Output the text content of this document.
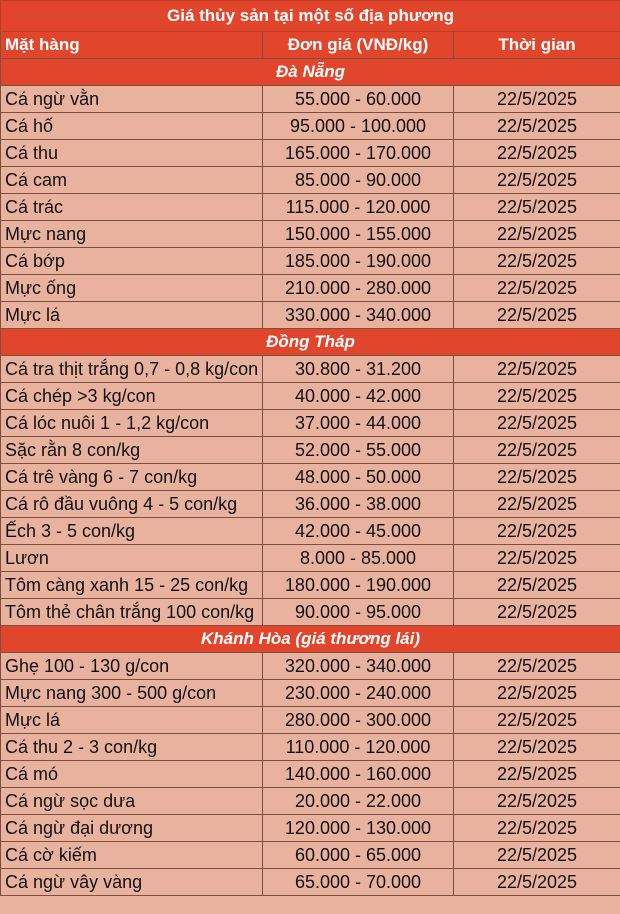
Giá thủy sản tại một số địa phương		
Mặt hàng	Đơn giá (VNĐ/kg)	Thời gian
Đà Nẵng		
Cá ngừ vằn	55.000 - 60.000	22/5/2025
Cá hố	95.000 - 100.000	22/5/2025
Cá thu	165.000 - 170.000	22/5/2025
Cá cam	85.000 - 90.000	22/5/2025
Cá trác	115.000 - 120.000	22/5/2025
Mực nang	150.000 - 155.000	22/5/2025
Cá bớp	185.000 - 190.000	22/5/2025
Mực ống	210.000 - 280.000	22/5/2025
Mực lá	330.000 - 340.000	22/5/2025
Đồng Tháp		
Cá tra thịt trắng 0,7 - 0,8 kg/con	30.800 - 31.200	22/5/2025
Cá chép >3 kg/con	40.000 - 42.000	22/5/2025
Cá lóc nuôi 1 - 1,2 kg/con	37.000 - 44.000	22/5/2025
Sặc rằn 8 con/kg	52.000 - 55.000	22/5/2025
Cá trê vàng 6 - 7 con/kg	48.000 - 50.000	22/5/2025
Cá rô đầu vuông 4 - 5 con/kg	36.000 - 38.000	22/5/2025
Ếch 3 - 5 con/kg	42.000 - 45.000	22/5/2025
Lươn	8.000 - 85.000	22/5/2025
Tôm càng xanh 15 - 25 con/kg	180.000 - 190.000	22/5/2025
Tôm thẻ chân trắng 100 con/kg	90.000 - 95.000	22/5/2025
Khánh Hòa (giá thương lái)		
Ghẹ 100 - 130 g/con	320.000 - 340.000	22/5/2025
Mực nang 300 - 500 g/con	230.000 - 240.000	22/5/2025
Mực lá	280.000 - 300.000	22/5/2025
Cá thu 2 - 3 con/kg	110.000 - 120.000	22/5/2025
Cá mó	140.000 - 160.000	22/5/2025
Cá ngừ sọc dưa	20.000 - 22.000	22/5/2025
Cá ngừ đại dương	120.000 - 130.000	22/5/2025
Cá cờ kiếm	60.000 - 65.000	22/5/2025
Cá ngừ vây vàng	65.000 - 70.000	22/5/2025
